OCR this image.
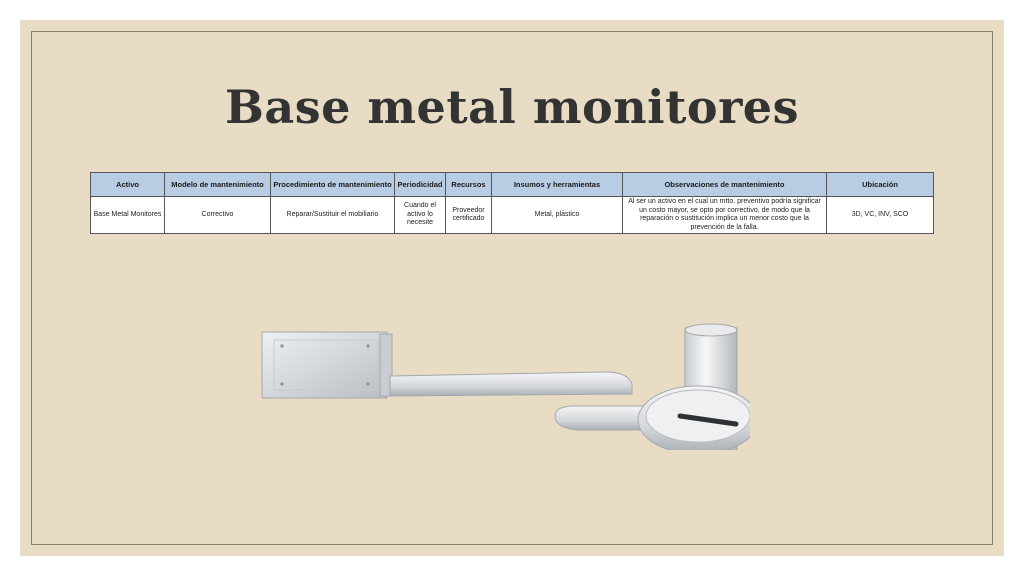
Base metal monitores
Activo	Modelo de mantenimiento	Procedimiento de mantenimiento	Periodicidad	Recursos	Insumos y herramientas	Observaciones de mantenimiento	Ubicación
Base Metal Monitores	Correctivo	Reparar/Sustituir el mobiliario	Cuando el activo lo necesite	Proveedor certificado	Metal, plástico	Al ser un activo en el cual un mtto. preventivo podría significar un costo mayor, se opto por correctivo, de modo que la reparación o sustitución implica un menor costo que la prevención de la falla.	3D, VC, INV, SCO
